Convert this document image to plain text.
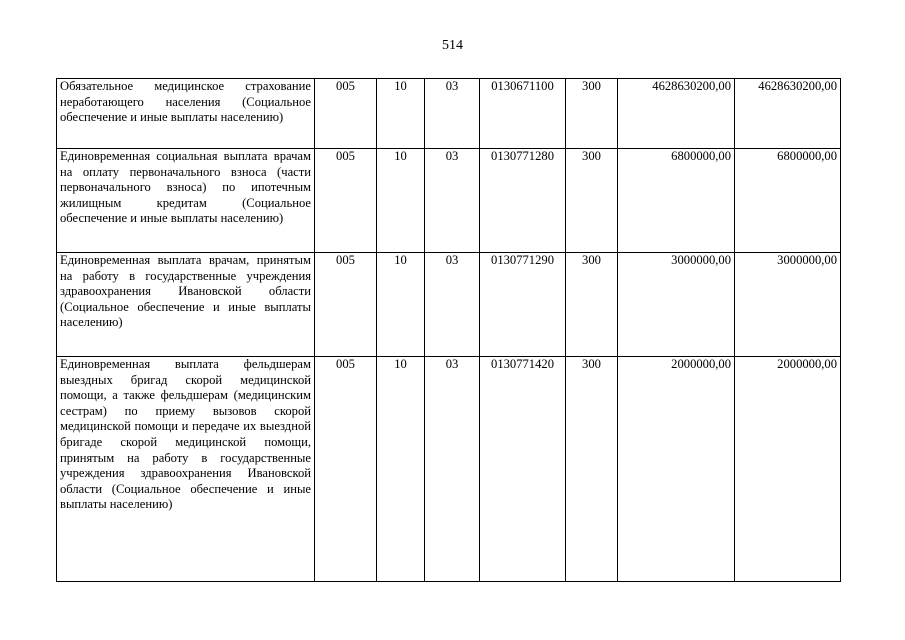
514
Обязательное медицинское страхование неработающего населения (Социальное обеспечение и иные выплаты населению)	005	10	03	0130671100	300	4628630200,00	4628630200,00
Единовременная социальная выплата врачам на оплату первоначального взноса (части первоначального взноса) по ипотечным жилищным кредитам (Социальное обеспечение и иные выплаты населению)	005	10	03	0130771280	300	6800000,00	6800000,00
Единовременная выплата врачам, принятым на работу в государственные учреждения здравоохранения Ивановской области (Социальное обеспечение и иные выплаты населению)	005	10	03	0130771290	300	3000000,00	3000000,00
Единовременная выплата фельдшерам выездных бригад скорой медицинской помощи, а также фельдшерам (медицинским сестрам) по приему вызовов скорой медицинской помощи и передаче их выездной бригаде скорой медицинской помощи, принятым на работу в государственные учреждения здравоохранения Ивановской области (Социальное обеспечение и иные выплаты населению)	005	10	03	0130771420	300	2000000,00	2000000,00
